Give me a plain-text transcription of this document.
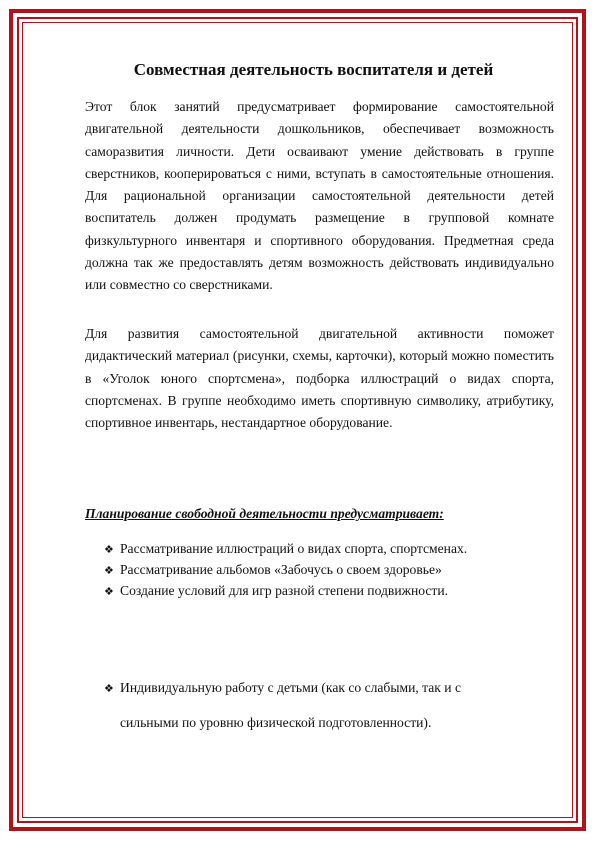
Совместная деятельность воспитателя и детей

Этот блок занятий предусматривает формирование самостоятельной двигательной деятельности дошкольников, обеспечивает возможность саморазвития личности. Дети осваивают умение действовать в группе сверстников, кооперироваться с ними, вступать в самостоятельные отношения. Для рациональной организации самостоятельной деятельности детей воспитатель должен продумать размещение в групповой комнате физкультурного инвентаря и спортивного оборудования. Предметная среда должна так же предоставлять детям возможность действовать индивидуально или совместно со сверстниками.

Для развития самостоятельной двигательной активности поможет дидактический материал (рисунки, схемы, карточки), который можно поместить в «Уголок юного спортсмена», подборка иллюстраций о видах спорта, спортсменах. В группе необходимо иметь спортивную символику, атрибутику, спортивное инвентарь, нестандартное оборудование.

Планирование свободной деятельности предусматривает:

❖ Рассматривание иллюстраций о видах спорта, спортсменах.
❖ Рассматривание альбомов «Забочусь о своем здоровье»
❖ Создание условий для игр разной степени подвижности.

❖ Индивидуальную работу с детьми (как со слабыми, так и с

сильными по уровню физической подготовленности).
